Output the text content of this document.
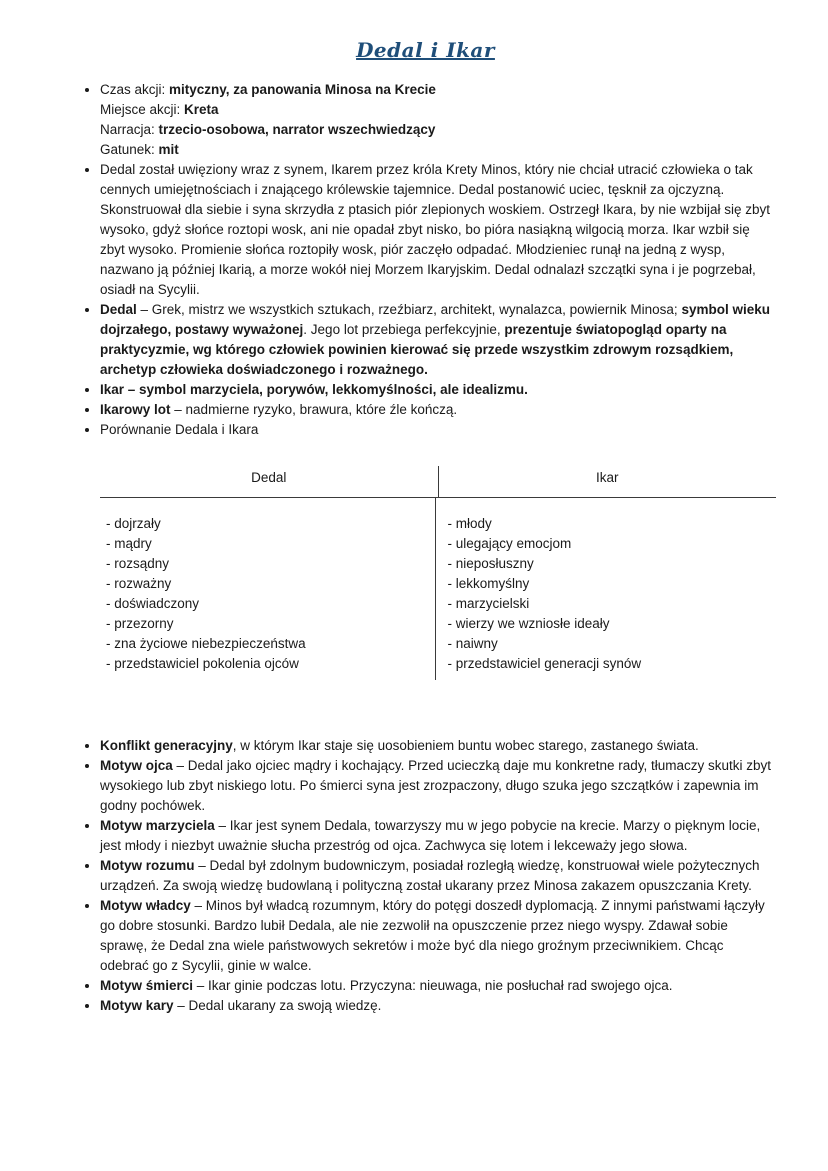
Dedal i Ikar
• Czas akcji: mityczny, za panowania Minosa na Krecie
Miejsce akcji: Kreta
Narracja: trzecio-osobowa, narrator wszechwiedzący
Gatunek: mit
• Dedal został uwięziony wraz z synem, Ikarem przez króla Krety Minos, który nie chciał utracić człowieka o tak cennych umiejętnościach i znającego królewskie tajemnice. Dedal postanowić uciec, tęsknił za ojczyzną. Skonstruował dla siebie i syna skrzydła z ptasich piór zlepionych woskiem. Ostrzegł Ikara, by nie wzbijał się zbyt wysoko, gdyż słońce roztopi wosk, ani nie opadał zbyt nisko, bo pióra nasiąkną wilgocią morza. Ikar wzbił się zbyt wysoko. Promienie słońca roztopiły wosk, piór zaczęło odpadać. Młodzieniec runął na jedną z wysp, nazwano ją później Ikarią, a morze wokół niej Morzem Ikaryjskim. Dedal odnalazł szczątki syna i je pogrzebał, osiadł na Sycylii.
• Dedal – Grek, mistrz we wszystkich sztukach, rzeźbiarz, architekt, wynalazca, powiernik Minosa; symbol wieku dojrzałego, postawy wyważonej. Jego lot przebiega perfekcyjnie, prezentuje światopogląd oparty na praktycyzmie, wg którego człowiek powinien kierować się przede wszystkim zdrowym rozsądkiem, archetyp człowieka doświadczonego i rozważnego.
• Ikar – symbol marzyciela, porywów, lekkomyślności, ale idealizmu.
• Ikarowy lot – nadmierne ryzyko, brawura, które źle kończą.
• Porównanie Dedala i Ikara
Dedal	Ikar
- dojrzały
- mądry
- rozsądny
- rozważny
- doświadczony
- przezorny
- zna życiowe niebezpieczeństwa
- przedstawiciel pokolenia ojców
- młody
- ulegający emocjom
- nieposłuszny
- lekkomyślny
- marzycielski
- wierzy we wzniosłe ideały
- naiwny
- przedstawiciel generacji synów
• Konflikt generacyjny, w którym Ikar staje się uosobieniem buntu wobec starego, zastanego świata.
• Motyw ojca – Dedal jako ojciec mądry i kochający. Przed ucieczką daje mu konkretne rady, tłumaczy skutki zbyt wysokiego lub zbyt niskiego lotu. Po śmierci syna jest zrozpaczony, długo szuka jego szczątków i zapewnia im godny pochówek.
• Motyw marzyciela – Ikar jest synem Dedala, towarzyszy mu w jego pobycie na krecie. Marzy o pięknym locie, jest młody i niezbyt uważnie słucha przestróg od ojca. Zachwyca się lotem i lekceważy jego słowa.
• Motyw rozumu – Dedal był zdolnym budowniczym, posiadał rozległą wiedzę, konstruował wiele pożytecznych urządzeń. Za swoją wiedzę budowlaną i polityczną został ukarany przez Minosa zakazem opuszczania Krety.
• Motyw władcy – Minos był władcą rozumnym, który do potęgi doszedł dyplomacją. Z innymi państwami łączyły go dobre stosunki. Bardzo lubił Dedala, ale nie zezwolił na opuszczenie przez niego wyspy. Zdawał sobie sprawę, że Dedal zna wiele państwowych sekretów i może być dla niego groźnym przeciwnikiem. Chcąc odebrać go z Sycylii, ginie w walce.
• Motyw śmierci – Ikar ginie podczas lotu. Przyczyna: nieuwaga, nie posłuchał rad swojego ojca.
• Motyw kary – Dedal ukarany za swoją wiedzę.
